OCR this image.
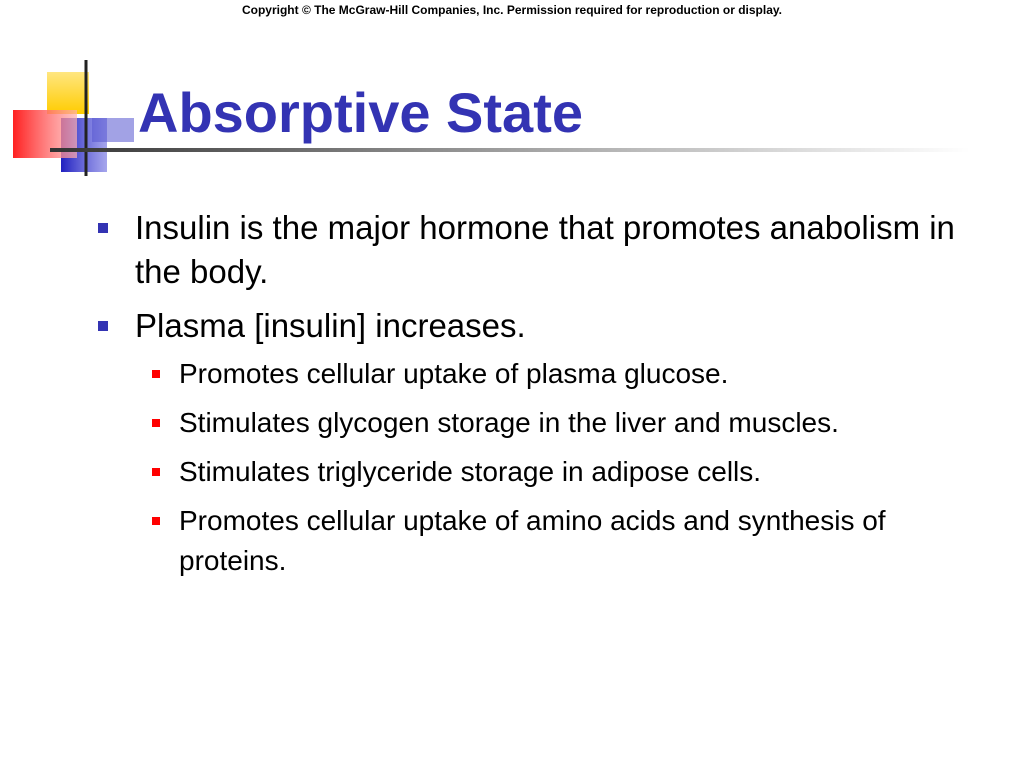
Copyright © The McGraw-Hill Companies, Inc. Permission required for reproduction or display.
Absorptive State
Insulin is the major hormone that promotes anabolism in the body.
Plasma [insulin] increases.
Promotes cellular uptake of plasma glucose.
Stimulates glycogen storage in the liver and muscles.
Stimulates triglyceride storage in adipose cells.
Promotes cellular uptake of amino acids and synthesis of proteins.
